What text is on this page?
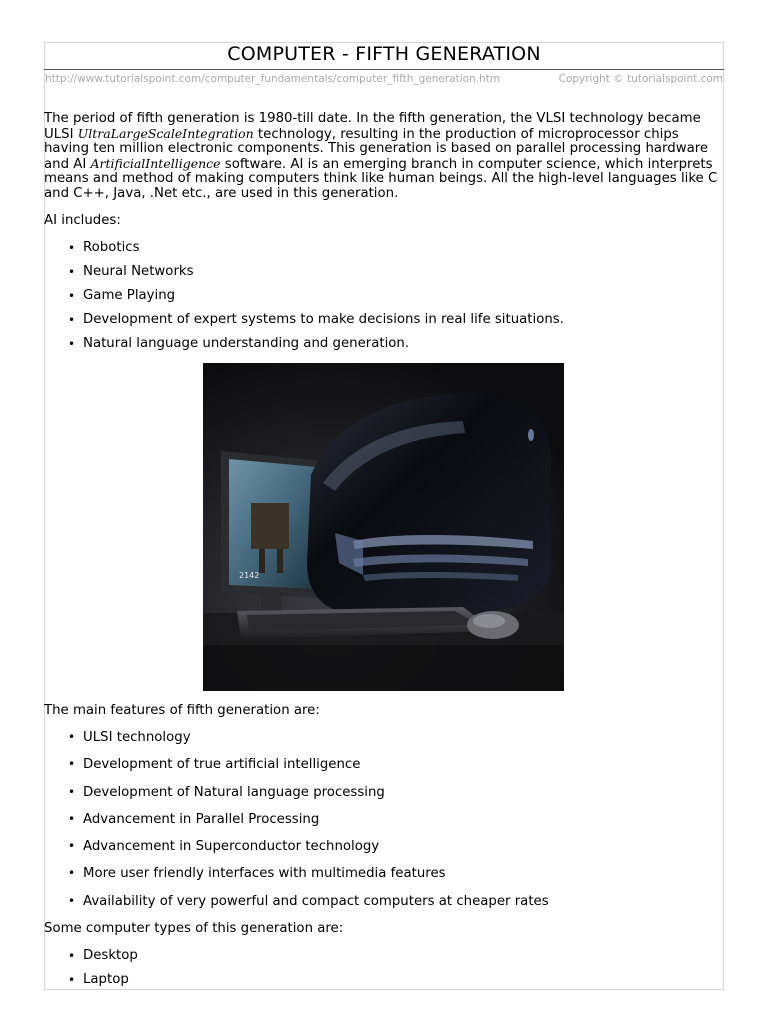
COMPUTER - FIFTH GENERATION
http://www.tutorialspoint.com/computer_fundamentals/computer_fifth_generation.htm	Copyright © tutorialspoint.com

The period of fifth generation is 1980-till date. In the fifth generation, the VLSI technology became ULSI UltraLargeScaleIntegration technology, resulting in the production of microprocessor chips having ten million electronic components. This generation is based on parallel processing hardware and AI ArtificialIntelligence software. AI is an emerging branch in computer science, which interprets means and method of making computers think like human beings. All the high-level languages like C and C++, Java, .Net etc., are used in this generation.

AI includes:

• Robotics
• Neural Networks
• Game Playing
• Development of expert systems to make decisions in real life situations.
• Natural language understanding and generation.
2142

The main features of fifth generation are:

• ULSI technology
• Development of true artificial intelligence
• Development of Natural language processing
• Advancement in Parallel Processing
• Advancement in Superconductor technology
• More user friendly interfaces with multimedia features
• Availability of very powerful and compact computers at cheaper rates

Some computer types of this generation are:

• Desktop
• Laptop
